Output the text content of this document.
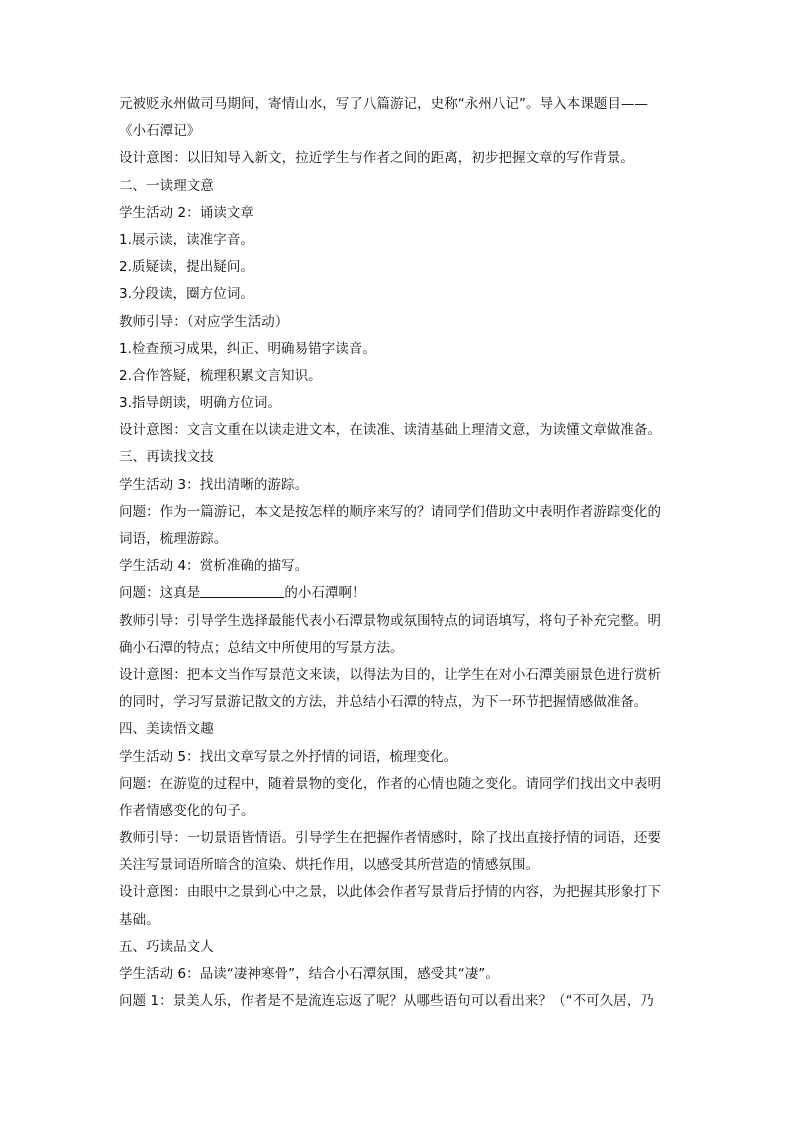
元被贬永州做司马期间，寄情山水，写了八篇游记，史称“永州八记”。导入本课题目——
《小石潭记》
设计意图：以旧知导入新文，拉近学生与作者之间的距离，初步把握文章的写作背景。
二、一读理文意
学生活动 2：诵读文章
1.展示读，读准字音。
2.质疑读，提出疑问。
3.分段读，圈方位词。
教师引导：（对应学生活动）
1.检查预习成果，纠正、明确易错字读音。
2.合作答疑，梳理积累文言知识。
3.指导朗读，明确方位词。
设计意图：文言文重在以读走进文本，在读准、读清基础上理清文意，为读懂文章做准备。
三、再读找文技
学生活动 3：找出清晰的游踪。
问题：作为一篇游记，本文是按怎样的顺序来写的？请同学们借助文中表明作者游踪变化的
词语，梳理游踪。
学生活动 4：赏析准确的描写。
问题：这真是	的小石潭啊！
教师引导：引导学生选择最能代表小石潭景物或氛围特点的词语填写，将句子补充完整。明
确小石潭的特点；总结文中所使用的写景方法。
设计意图：把本文当作写景范文来读，以得法为目的，让学生在对小石潭美丽景色进行赏析
的同时，学习写景游记散文的方法，并总结小石潭的特点，为下一环节把握情感做准备。
四、美读悟文趣
学生活动 5：找出文章写景之外抒情的词语，梳理变化。
问题：在游览的过程中，随着景物的变化，作者的心情也随之变化。请同学们找出文中表明
作者情感变化的句子。
教师引导：一切景语皆情语。引导学生在把握作者情感时，除了找出直接抒情的词语，还要
关注写景词语所暗含的渲染、烘托作用，以感受其所营造的情感氛围。
设计意图：由眼中之景到心中之景，以此体会作者写景背后抒情的内容，为把握其形象打下
基础。
五、巧读品文人
学生活动 6：品读“凄神寒骨”，结合小石潭氛围，感受其“凄”。
问题 1：景美人乐，作者是不是流连忘返了呢？从哪些语句可以看出来？（“不可久居，乃
